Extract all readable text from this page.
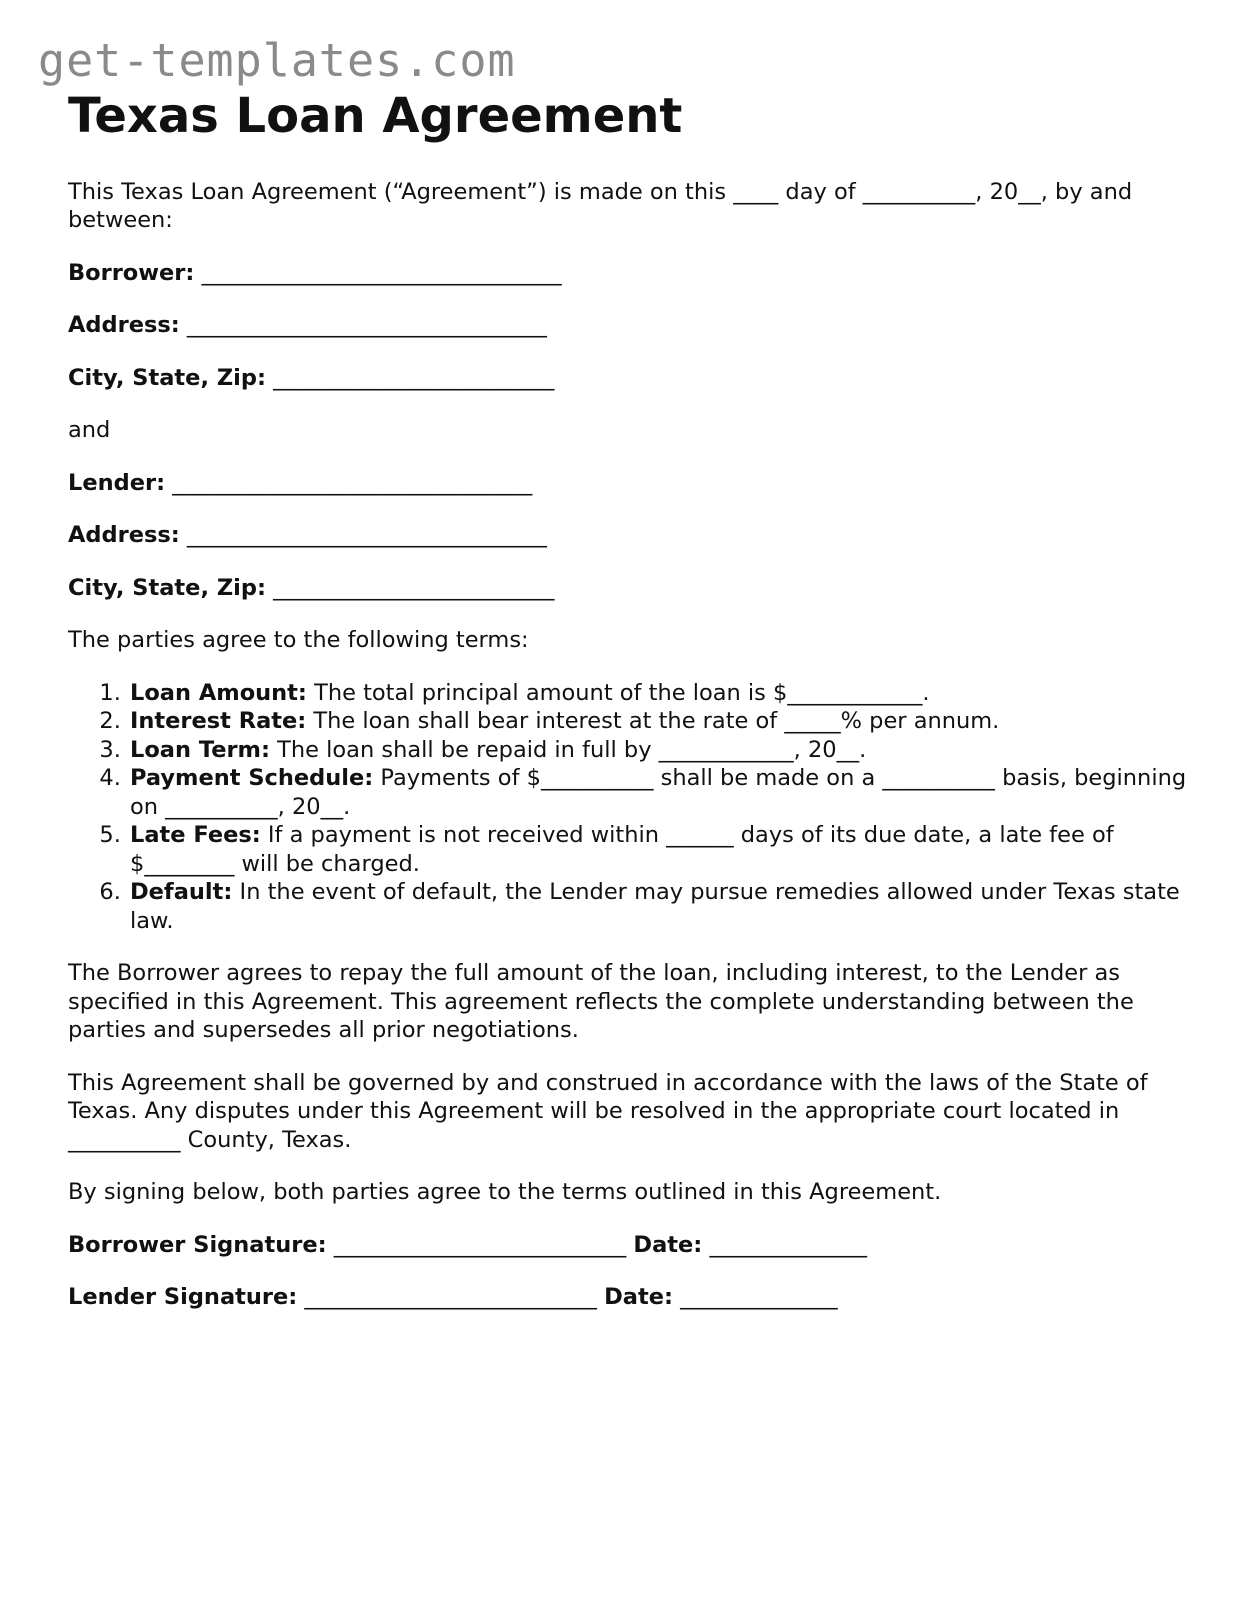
get-templates.com
Texas Loan Agreement

This Texas Loan Agreement (“Agreement”) is made on this ____ day of __________, 20__, by and between:

Borrower: ________________________________

Address: ________________________________

City, State, Zip: _________________________

and

Lender: ________________________________

Address: ________________________________

City, State, Zip: _________________________

The parties agree to the following terms:

1. Loan Amount: The total principal amount of the loan is $____________.
2. Interest Rate: The loan shall bear interest at the rate of _____% per annum.
3. Loan Term: The loan shall be repaid in full by ____________, 20__.
4. Payment Schedule: Payments of $__________ shall be made on a __________ basis, beginning on __________, 20__.
5. Late Fees: If a payment is not received within ______ days of its due date, a late fee of $________ will be charged.
6. Default: In the event of default, the Lender may pursue remedies allowed under Texas state law.

The Borrower agrees to repay the full amount of the loan, including interest, to the Lender as specified in this Agreement. This agreement reflects the complete understanding between the parties and supersedes all prior negotiations.

This Agreement shall be governed by and construed in accordance with the laws of the State of Texas. Any disputes under this Agreement will be resolved in the appropriate court located in __________ County, Texas.

By signing below, both parties agree to the terms outlined in this Agreement.

Borrower Signature: __________________________ Date: ______________

Lender Signature: __________________________ Date: ______________
